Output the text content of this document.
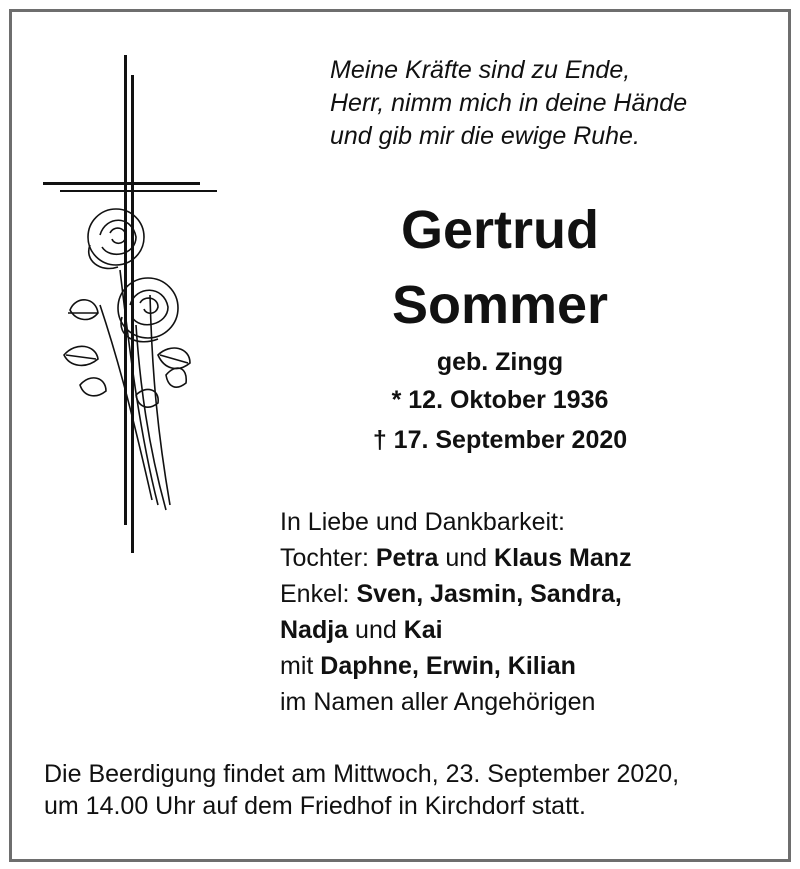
Meine Kräfte sind zu Ende,
Herr, nimm mich in deine Hände
und gib mir die ewige Ruhe.
Gertrud
Sommer
geb. Zingg
* 12. Oktober 1936
† 17. September 2020
In Liebe und Dankbarkeit:
Tochter: Petra und Klaus Manz
Enkel: Sven, Jasmin, Sandra,
Nadja und Kai
mit Daphne, Erwin, Kilian
im Namen aller Angehörigen
Die Beerdigung findet am Mittwoch, 23. September 2020,
um 14.00 Uhr auf dem Friedhof in Kirchdorf statt.
